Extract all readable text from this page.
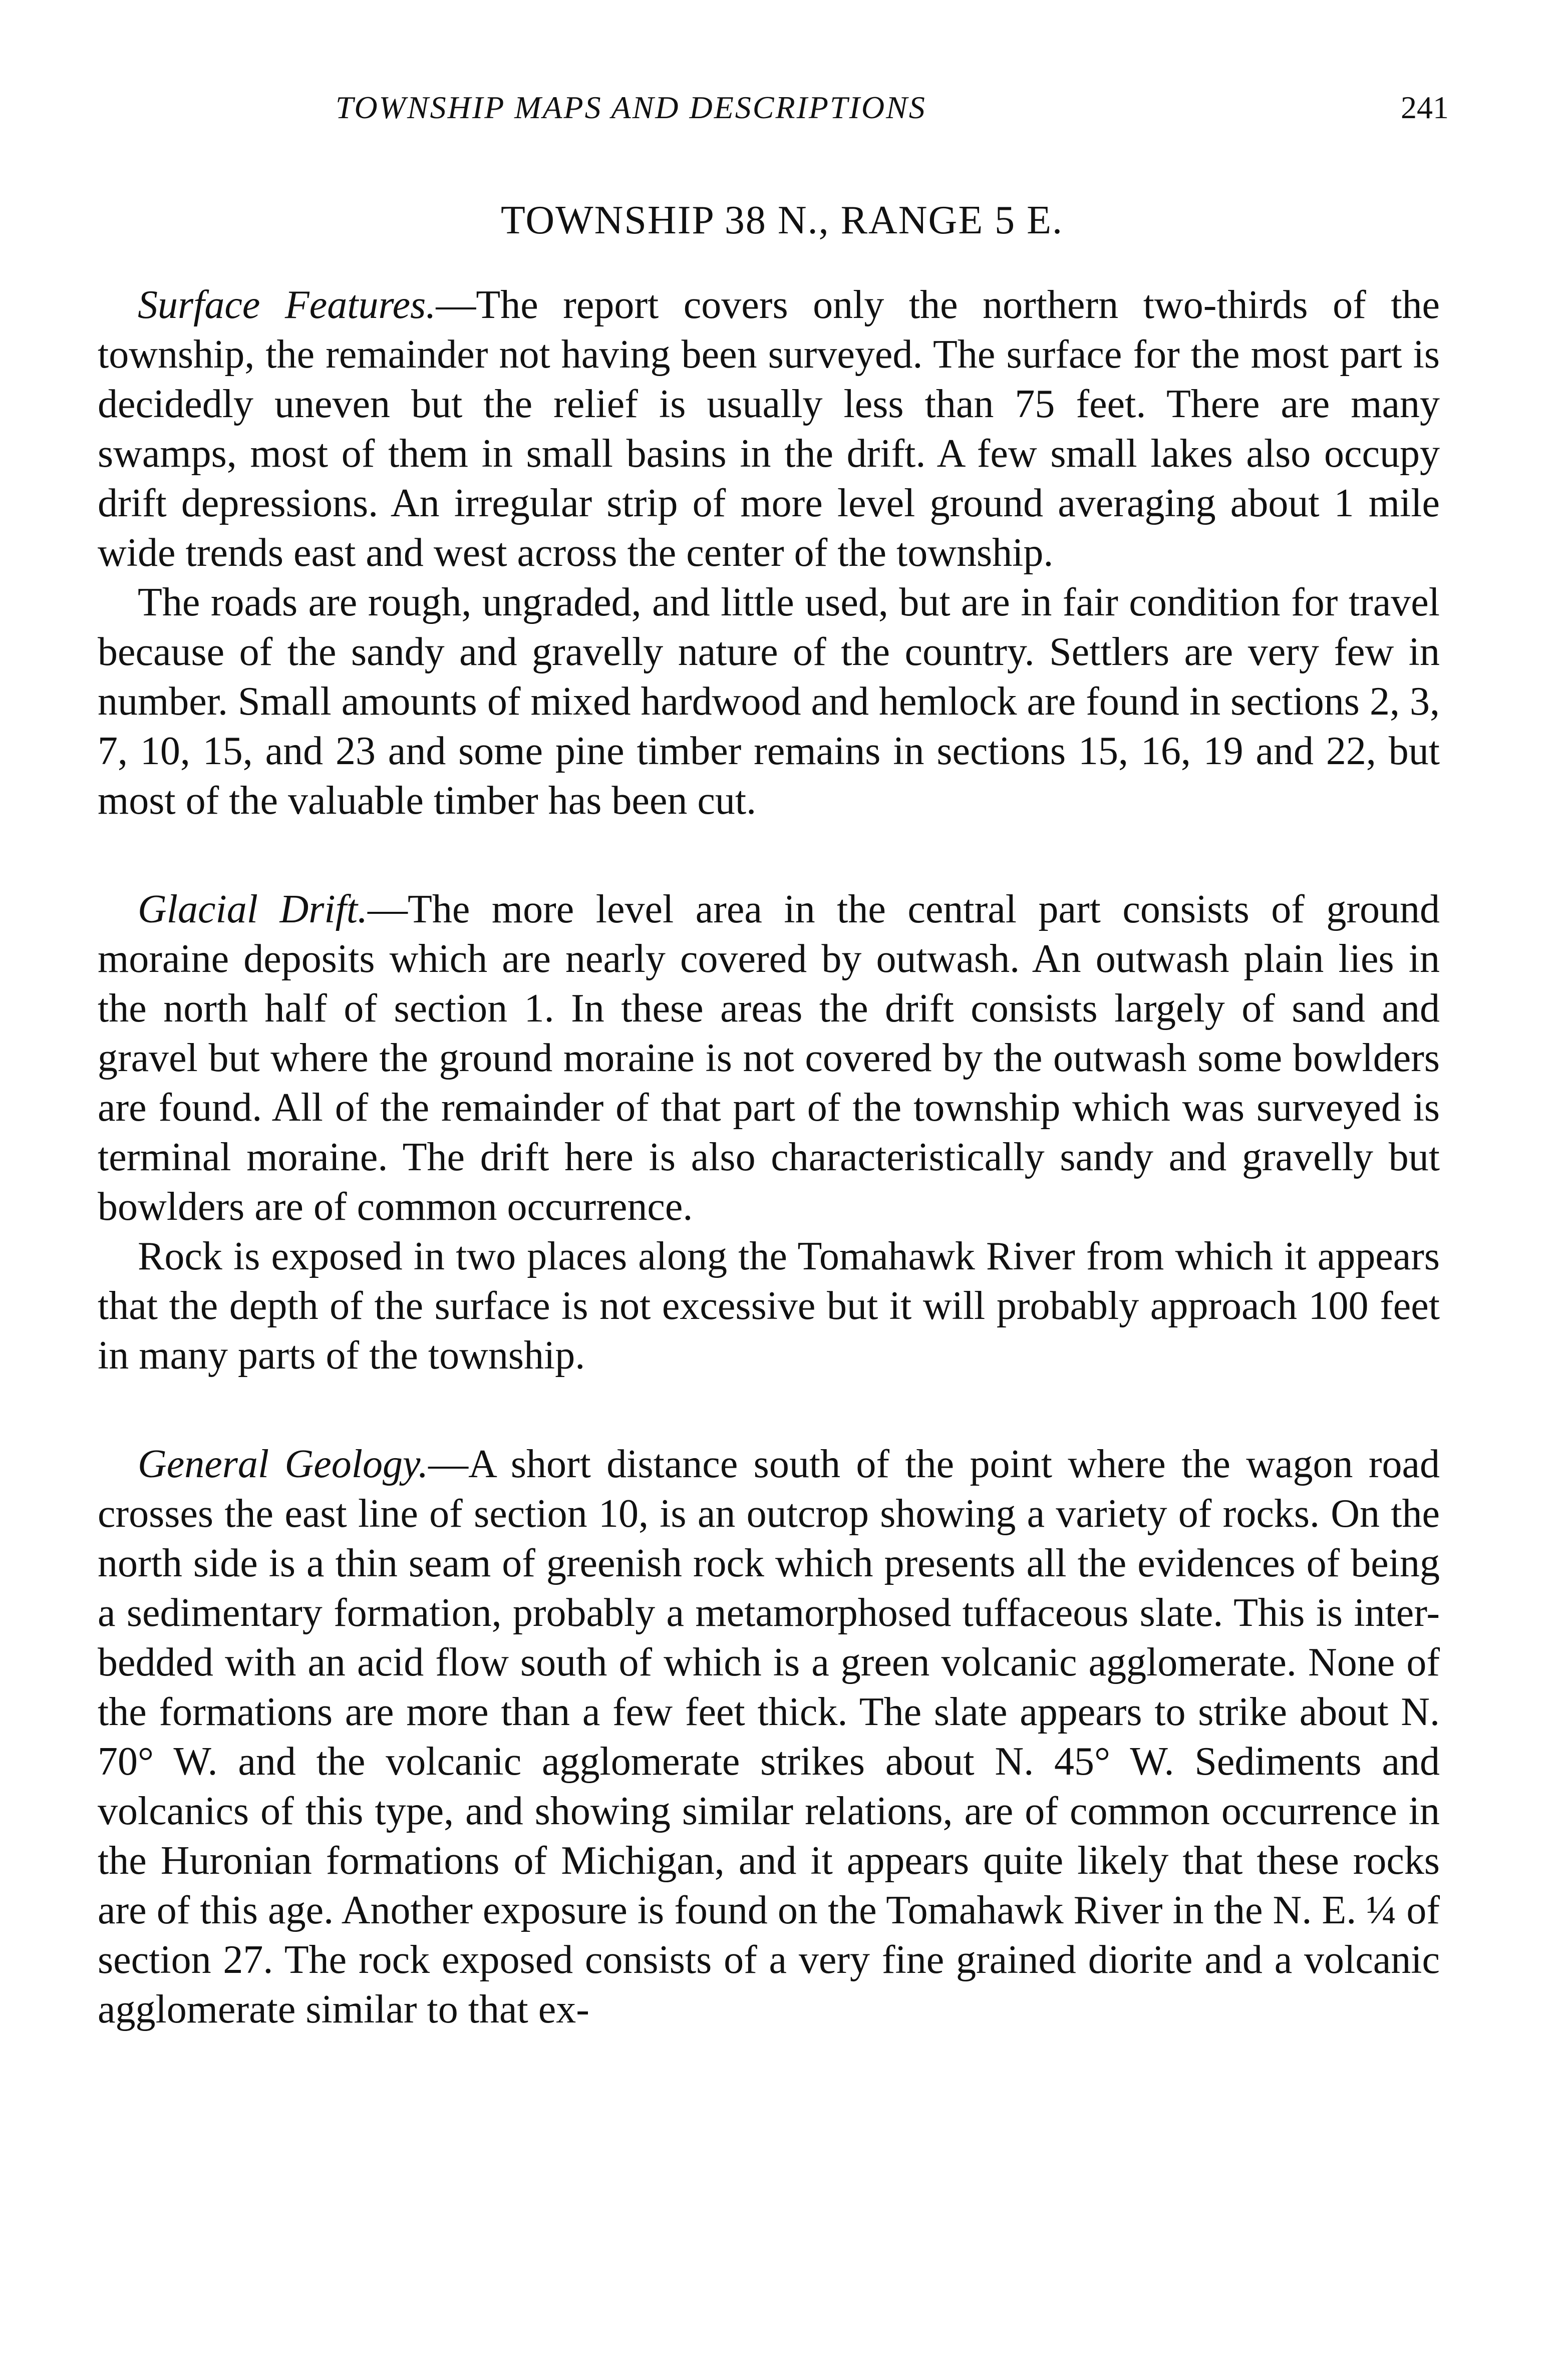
TOWNSHIP MAPS AND DESCRIPTIONS	241
TOWNSHIP 38 N., RANGE 5 E.

Surface Features.—The report covers only the northern two-thirds of the township, the remainder not having been surveyed. The surface for the most part is decidedly uneven but the relief is usually less than 75 feet. There are many swamps, most of them in small basins in the drift. A few small lakes also occupy drift depressions. An irregular strip of more level ground averaging about 1 mile wide trends east and west across the center of the township.

The roads are rough, ungraded, and little used, but are in fair condition for travel because of the sandy and gravelly nature of the country. Settlers are very few in number. Small amounts of mixed hardwood and hemlock are found in sections 2, 3, 7, 10, 15, and 23 and some pine timber remains in sections 15, 16, 19 and 22, but most of the valuable timber has been cut.

Glacial Drift.—The more level area in the central part consists of ground moraine deposits which are nearly covered by outwash. An outwash plain lies in the north half of section 1. In these areas the drift consists largely of sand and gravel but where the ground moraine is not covered by the outwash some bowlders are found. All of the remainder of that part of the township which was surveyed is terminal moraine. The drift here is also characteristically sandy and gravelly but bowlders are of common occurrence.

Rock is exposed in two places along the Tomahawk River from which it appears that the depth of the surface is not excessive but it will probably approach 100 feet in many parts of the township.

General Geology.—A short distance south of the point where the wagon road crosses the east line of section 10, is an outcrop showing a variety of rocks. On the north side is a thin seam of greenish rock which presents all the evidences of being a sedimentary formation, probably a metamorphosed tuffaceous slate. This is inter-bedded with an acid flow south of which is a green volcanic agglomerate. None of the formations are more than a few feet thick. The slate appears to strike about N. 70° W. and the volcanic agglomerate strikes about N. 45° W. Sediments and volcanics of this type, and showing similar relations, are of common occurrence in the Huronian formations of Michigan, and it appears quite likely that these rocks are of this age. Another exposure is found on the Tomahawk River in the N. E. ¼ of section 27. The rock exposed consists of a very fine grained diorite and a volcanic agglomerate similar to that ex-
